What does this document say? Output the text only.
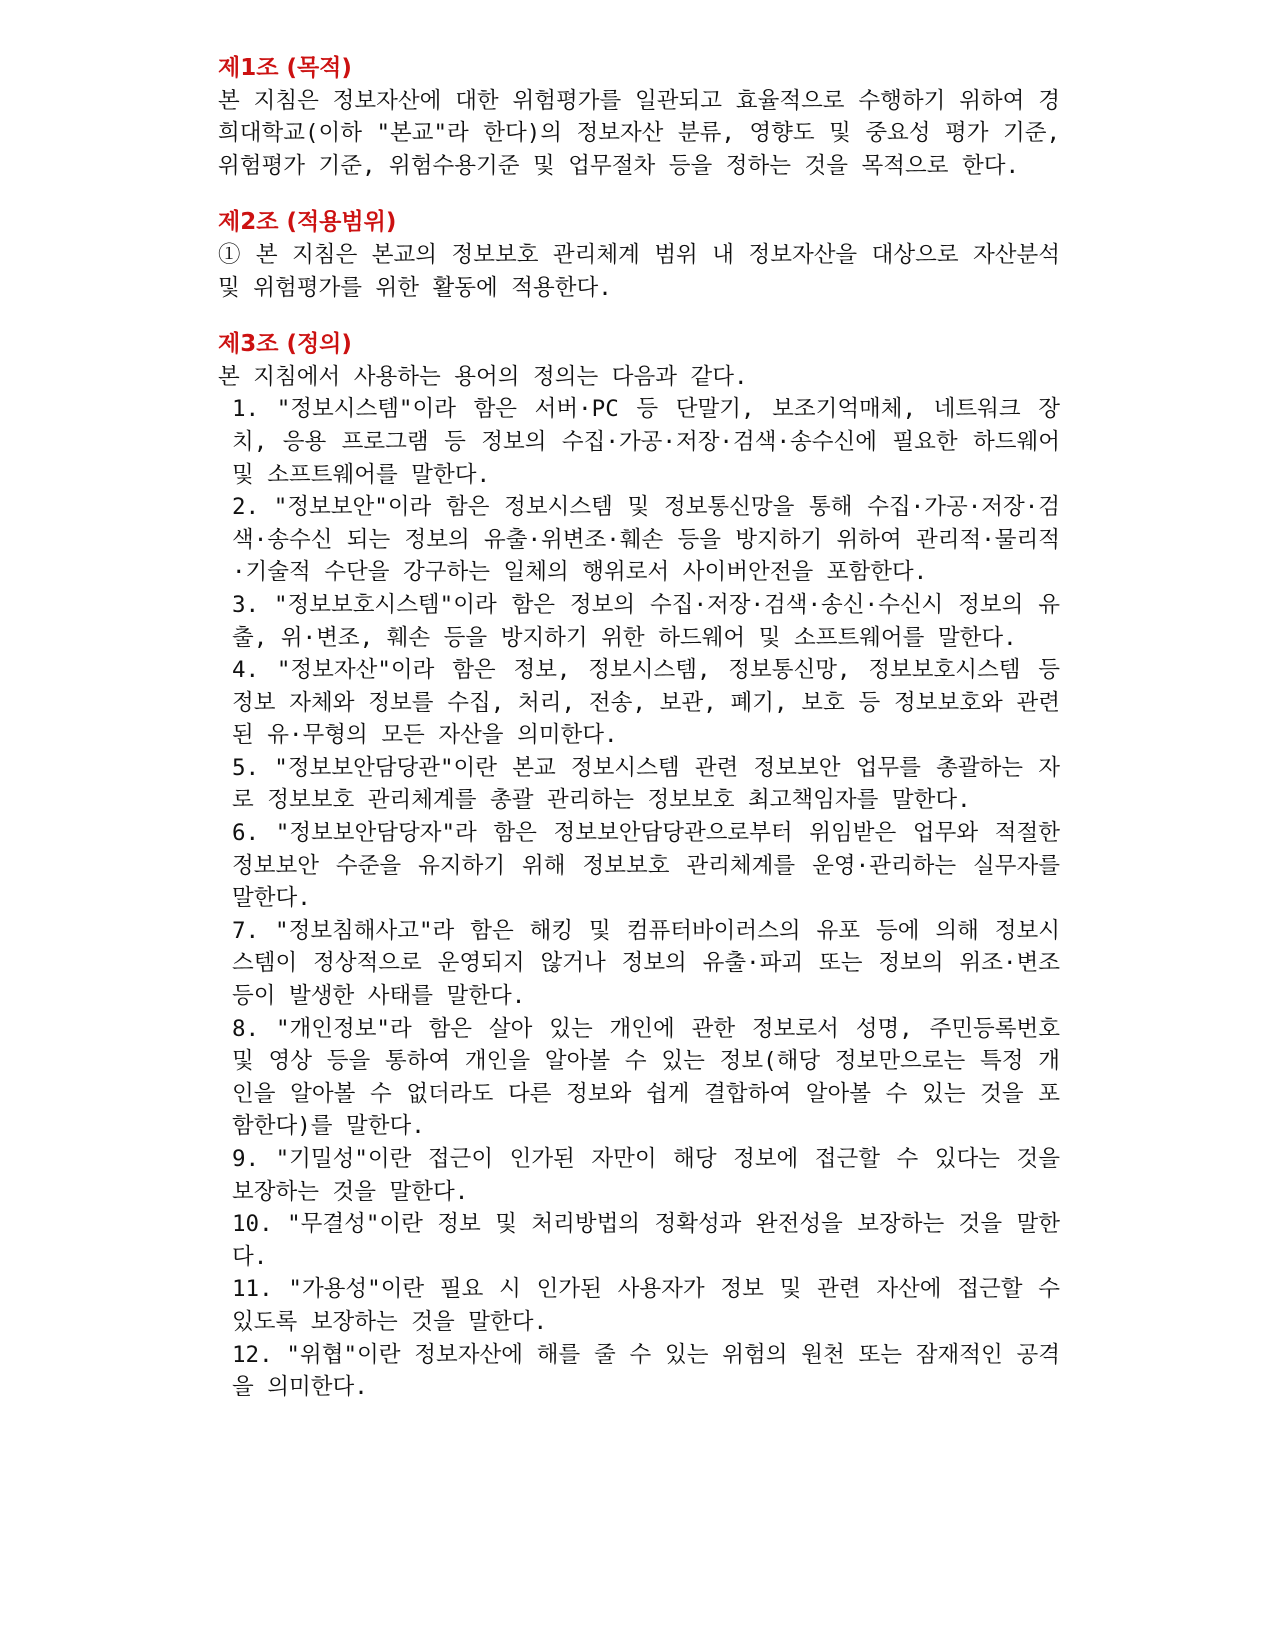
제1조 (목적)

본 지침은 정보자산에 대한 위험평가를 일관되고 효율적으로 수행하기 위하여 경희대학교(이하 "본교"라 한다)의 정보자산 분류, 영향도 및 중요성 평가 기준, 위험평가 기준, 위험수용기준 및 업무절차 등을 정하는 것을 목적으로 한다.

제2조 (적용범위)

① 본 지침은 본교의 정보보호 관리체계 범위 내 정보자산을 대상으로 자산분석 및 위험평가를 위한 활동에 적용한다.

제3조 (정의)

본 지침에서 사용하는 용어의 정의는 다음과 같다.

1. "정보시스템"이라 함은 서버·PC 등 단말기, 보조기억매체, 네트워크 장치, 응용 프로그램 등 정보의 수집·가공·저장·검색·송수신에 필요한 하드웨어 및 소프트웨어를 말한다.
2. "정보보안"이라 함은 정보시스템 및 정보통신망을 통해 수집·가공·저장·검색·송수신 되는 정보의 유출·위변조·훼손 등을 방지하기 위하여 관리적·물리적·기술적 수단을 강구하는 일체의 행위로서 사이버안전을 포함한다.
3. "정보보호시스템"이라 함은 정보의 수집·저장·검색·송신·수신시 정보의 유출, 위·변조, 훼손 등을 방지하기 위한 하드웨어 및 소프트웨어를 말한다.
4. "정보자산"이라 함은 정보, 정보시스템, 정보통신망, 정보보호시스템 등 정보 자체와 정보를 수집, 처리, 전송, 보관, 폐기, 보호 등 정보보호와 관련된 유·무형의 모든 자산을 의미한다.
5. "정보보안담당관"이란 본교 정보시스템 관련 정보보안 업무를 총괄하는 자로 정보보호 관리체계를 총괄 관리하는 정보보호 최고책임자를 말한다.
6. "정보보안담당자"라 함은 정보보안담당관으로부터 위임받은 업무와 적절한 정보보안 수준을 유지하기 위해 정보보호 관리체계를 운영·관리하는 실무자를 말한다.
7. "정보침해사고"라 함은 해킹 및 컴퓨터바이러스의 유포 등에 의해 정보시스템이 정상적으로 운영되지 않거나 정보의 유출·파괴 또는 정보의 위조·변조 등이 발생한 사태를 말한다.
8. "개인정보"라 함은 살아 있는 개인에 관한 정보로서 성명, 주민등록번호 및 영상 등을 통하여 개인을 알아볼 수 있는 정보(해당 정보만으로는 특정 개인을 알아볼 수 없더라도 다른 정보와 쉽게 결합하여 알아볼 수 있는 것을 포함한다)를 말한다.
9. "기밀성"이란 접근이 인가된 자만이 해당 정보에 접근할 수 있다는 것을 보장하는 것을 말한다.
10. "무결성"이란 정보 및 처리방법의 정확성과 완전성을 보장하는 것을 말한다.
11. "가용성"이란 필요 시 인가된 사용자가 정보 및 관련 자산에 접근할 수 있도록 보장하는 것을 말한다.
12. "위협"이란 정보자산에 해를 줄 수 있는 위험의 원천 또는 잠재적인 공격을 의미한다.
